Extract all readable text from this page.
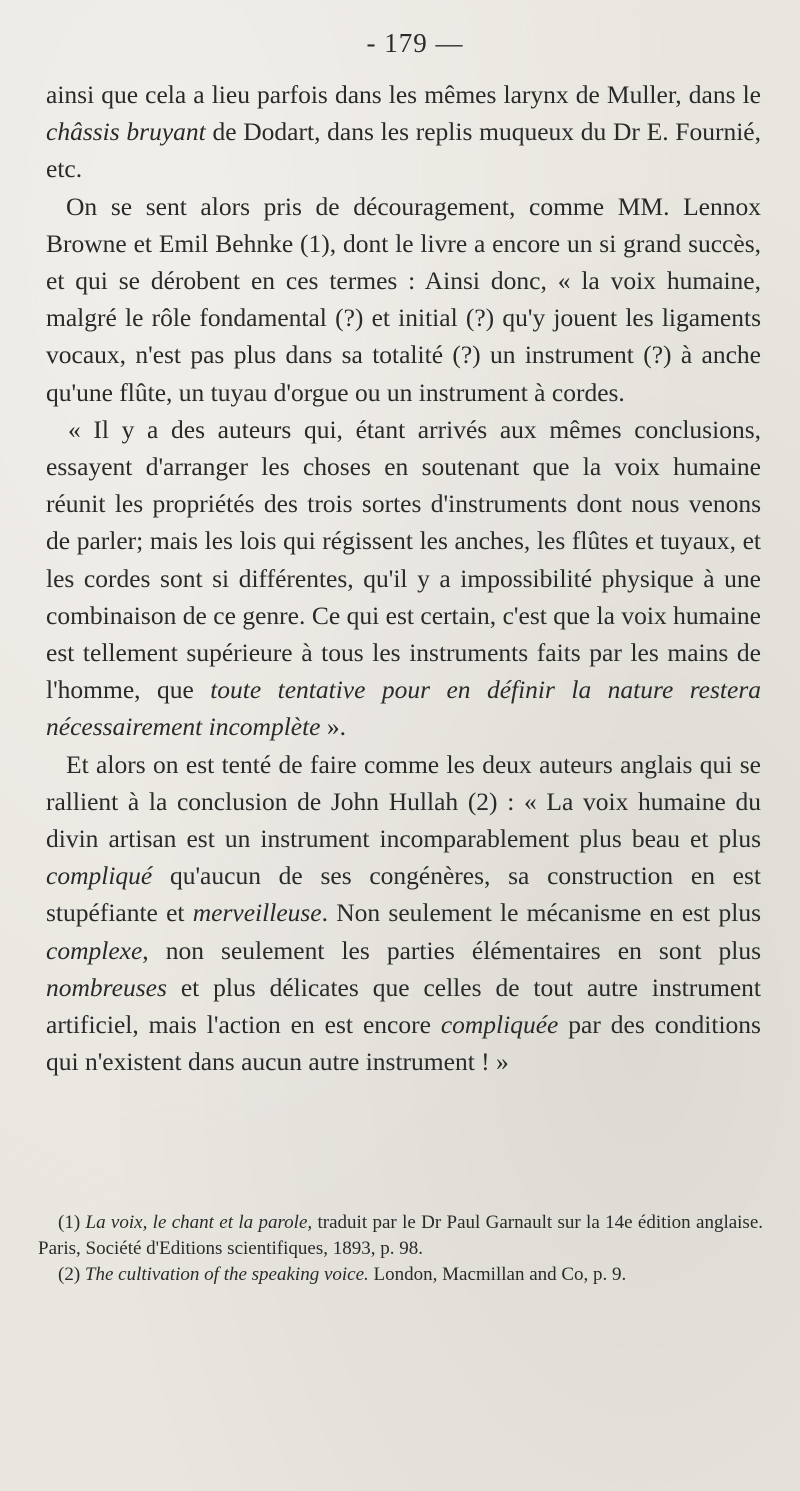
- 179 —

ainsi que cela a lieu parfois dans les mêmes larynx de Muller, dans le châssis bruyant de Dodart, dans les replis muqueux du Dr E. Fournié, etc.

On se sent alors pris de découragement, comme MM. Lennox Browne et Emil Behnke (1), dont le livre a encore un si grand succès, et qui se dérobent en ces termes : Ainsi donc, « la voix humaine, malgré le rôle fondamental (?) et initial (?) qu'y jouent les ligaments vocaux, n'est pas plus dans sa totalité (?) un instrument (?) à anche qu'une flûte, un tuyau d'orgue ou un instrument à cordes.

« Il y a des auteurs qui, étant arrivés aux mêmes conclusions, essayent d'arranger les choses en soutenant que la voix humaine réunit les propriétés des trois sortes d'instruments dont nous venons de parler; mais les lois qui régissent les anches, les flûtes et tuyaux, et les cordes sont si différentes, qu'il y a impossibilité physique à une combinaison de ce genre. Ce qui est certain, c'est que la voix humaine est tellement supérieure à tous les instruments faits par les mains de l'homme, que toute tentative pour en définir la nature restera nécessairement incomplète ».

Et alors on est tenté de faire comme les deux auteurs anglais qui se rallient à la conclusion de John Hullah (2) : « La voix humaine du divin artisan est un instrument incomparablement plus beau et plus compliqué qu'aucun de ses congénères, sa construction en est stupéfiante et merveilleuse. Non seulement le mécanisme en est plus complexe, non seulement les parties élémentaires en sont plus nombreuses et plus délicates que celles de tout autre instrument artificiel, mais l'action en est encore compliquée par des conditions qui n'existent dans aucun autre instrument ! »

(1) La voix, le chant et la parole, traduit par le Dr Paul Garnault sur la 14e édition anglaise. Paris, Société d'Editions scientifiques, 1893, p. 98.

(2) The cultivation of the speaking voice. London, Macmillan and Co, p. 9.
